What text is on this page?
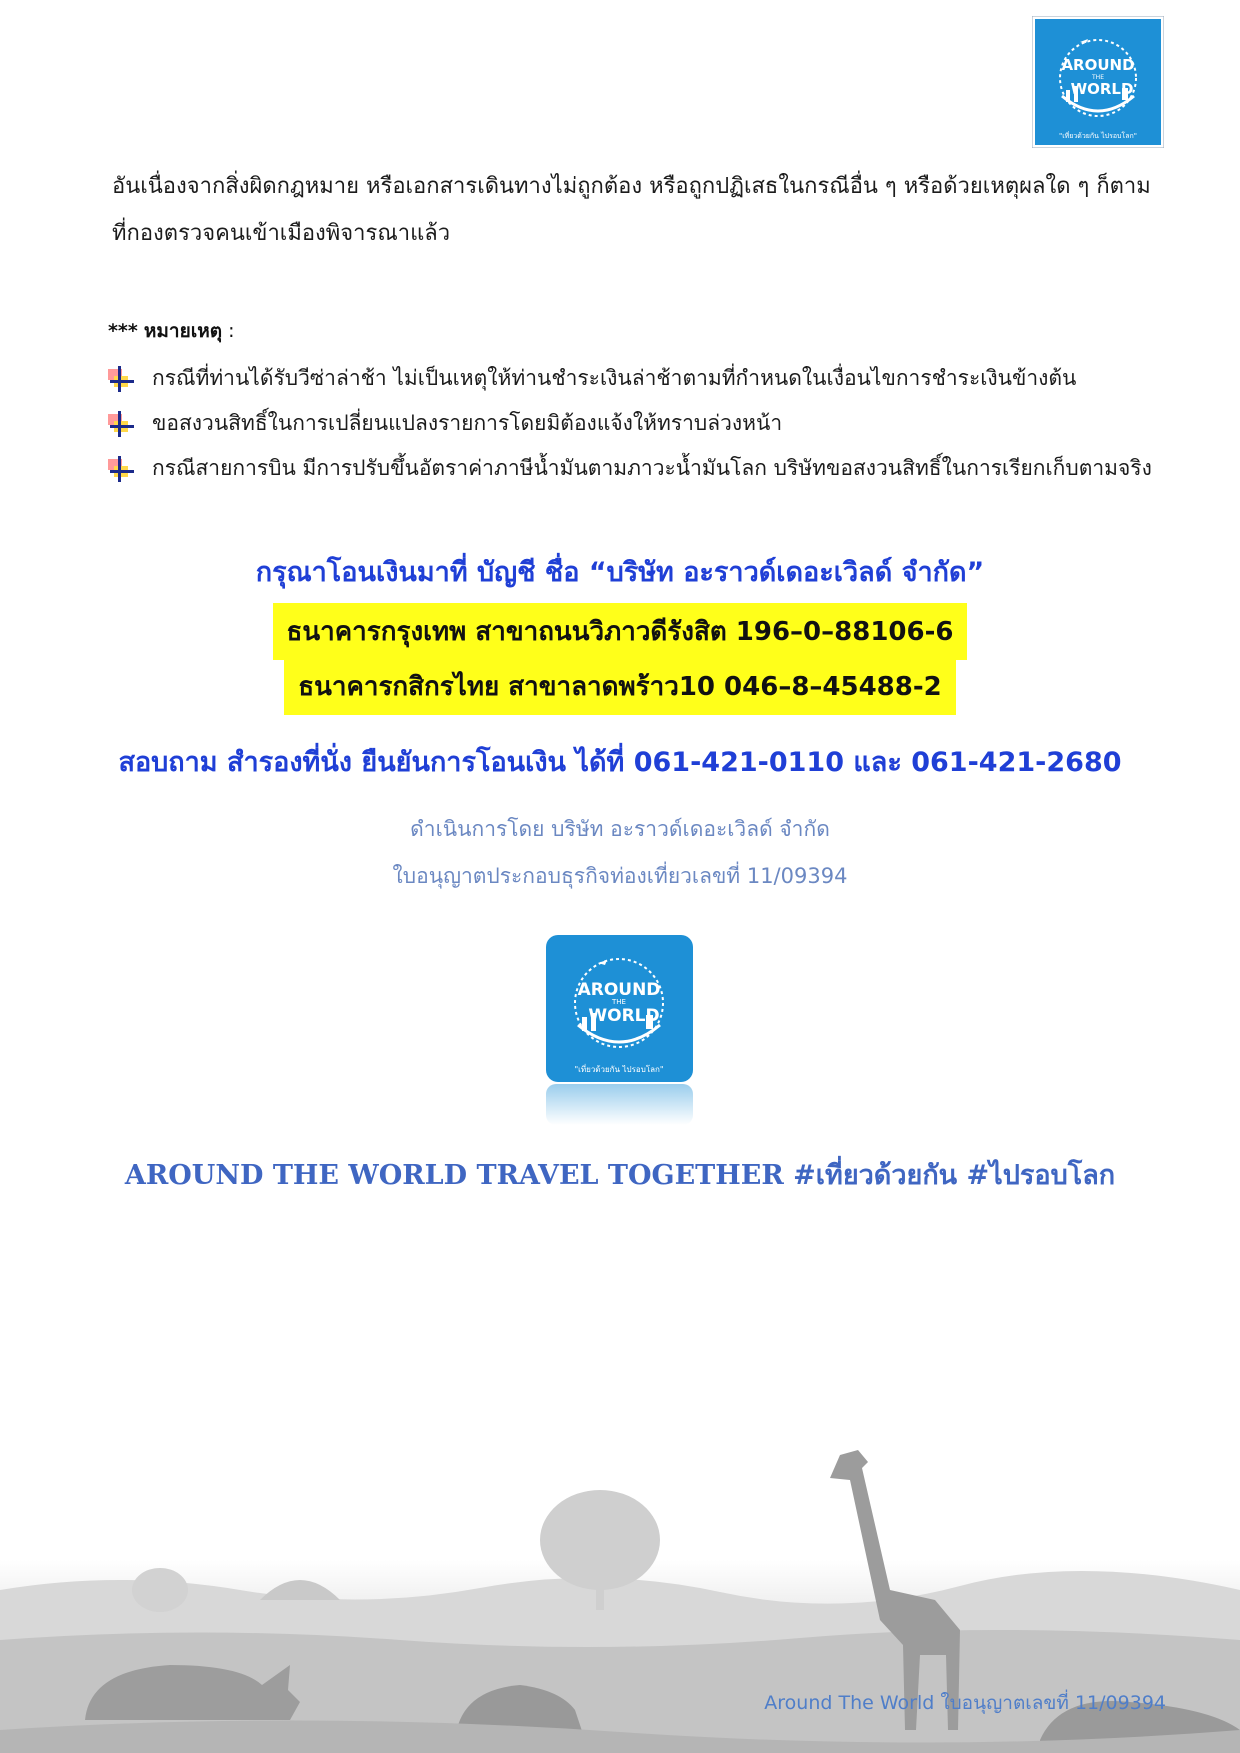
AROUND
THE
WORLD
"เที่ยวด้วยกัน ไปรอบโลก"

อันเนื่องจากสิ่งผิดกฎหมาย หรือเอกสารเดินทางไม่ถูกต้อง หรือถูกปฏิเสธในกรณีอื่น ๆ หรือด้วยเหตุผลใด ๆ ก็ตาม

ที่กองตรวจคนเข้าเมืองพิจารณาแล้ว

*** หมายเหตุ :
กรณีที่ท่านได้รับวีซ่าล่าช้า ไม่เป็นเหตุให้ท่านชำระเงินล่าช้าตามที่กำหนดในเงื่อนไขการชำระเงินข้างต้น
ขอสงวนสิทธิ์ในการเปลี่ยนแปลงรายการโดยมิต้องแจ้งให้ทราบล่วงหน้า
กรณีสายการบิน มีการปรับขึ้นอัตราค่าภาษีน้ำมันตามภาวะน้ำมันโลก บริษัทขอสงวนสิทธิ์ในการเรียกเก็บตามจริง
กรุณาโอนเงินมาที่ บัญชี ชื่อ “บริษัท อะราวด์เดอะเวิลด์ จำกัด”
ธนาคารกรุงเทพ สาขาถนนวิภาวดีรังสิต 196–0–88106-6
ธนาคารกสิกรไทย สาขาลาดพร้าว10 046–8–45488-2
สอบถาม สำรองที่นั่ง ยืนยันการโอนเงิน ได้ที่ 061-421-0110 และ 061-421-2680
ดำเนินการโดย บริษัท อะราวด์เดอะเวิลด์ จำกัด
ใบอนุญาตประกอบธุรกิจท่องเที่ยวเลขที่ 11/09394
AROUND
THE
WORLD
"เที่ยวด้วยกัน ไปรอบโลก"
AROUND THE WORLD TRAVEL TOGETHER #เที่ยวด้วยกัน #ไปรอบโลก
Around The World ใบอนุญาตเลขที่ 11/09394
